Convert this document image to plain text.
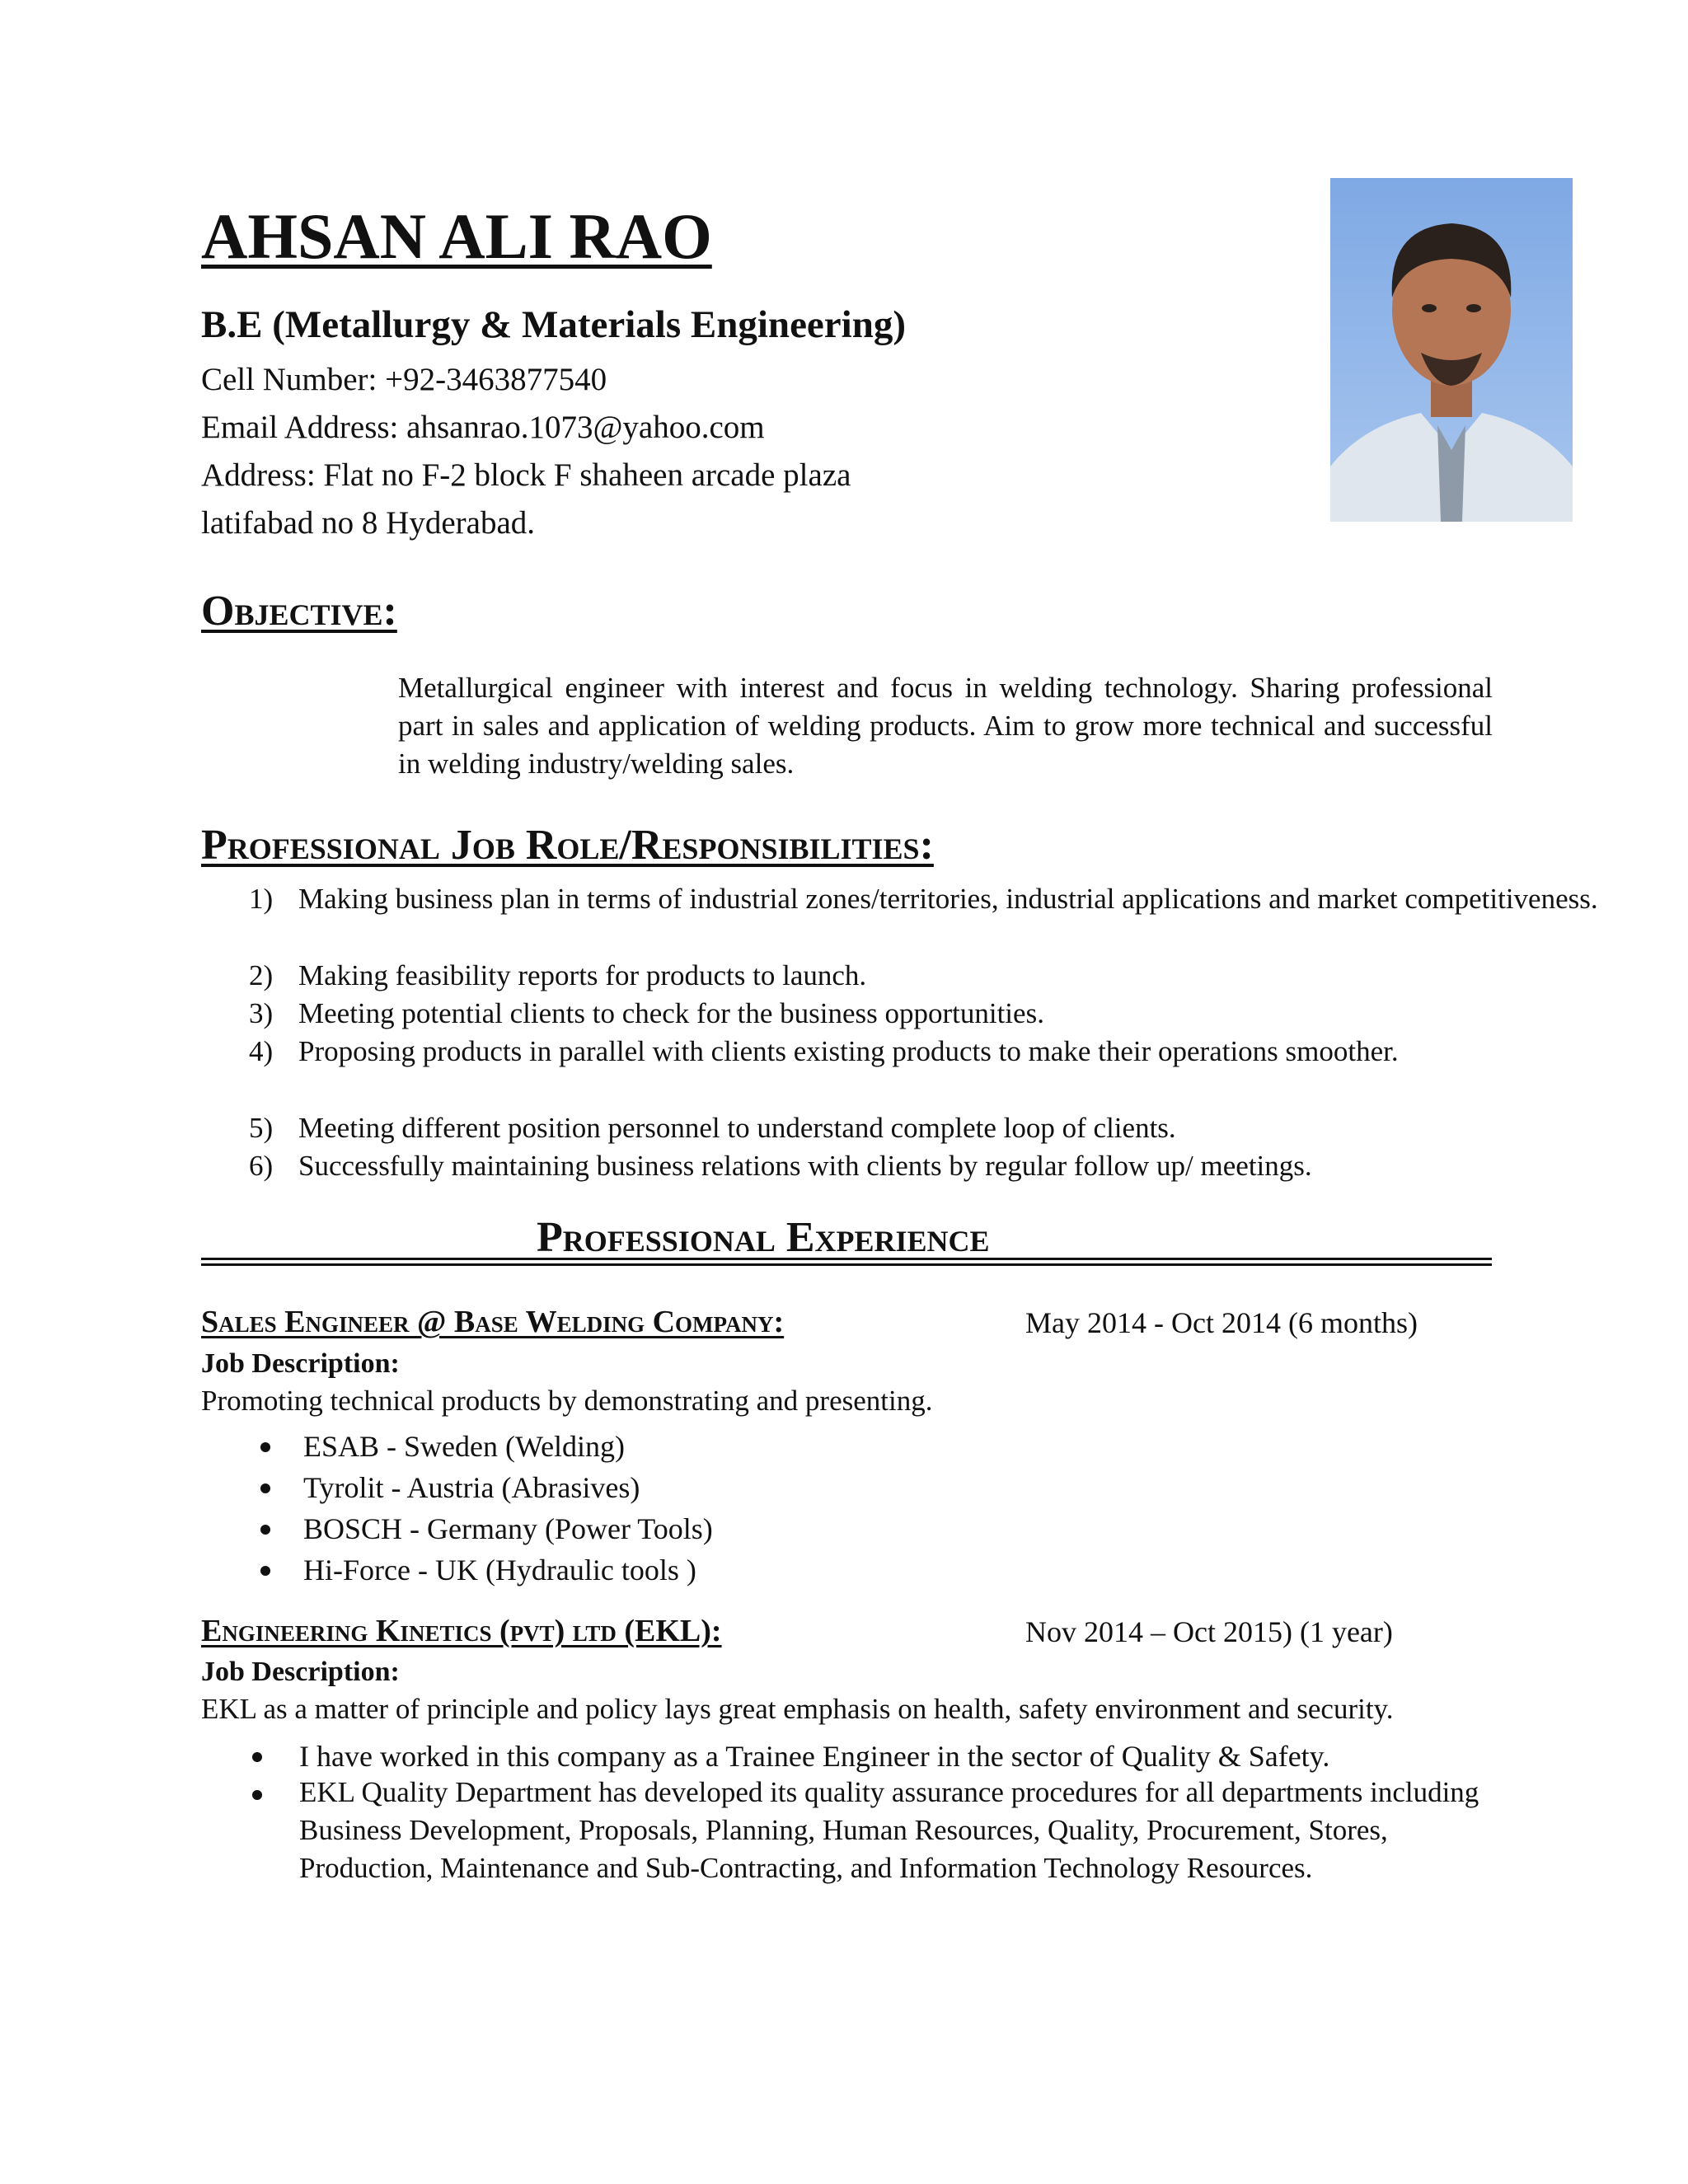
AHSAN ALI RAO
B.E (Metallurgy & Materials Engineering)
Cell Number: +92-3463877540
Email Address: ahsanrao.1073@yahoo.com
Address: Flat no F-2 block F shaheen arcade plaza
latifabad no 8 Hyderabad.
Objective:
Metallurgical engineer with interest and focus in welding technology. Sharing professional part in sales and application of welding products. Aim to grow more technical and successful in welding industry/welding sales.
Professional Job Role/Responsibilities:
1) Making business plan in terms of industrial zones/territories, industrial applications and market competitiveness.
2) Making feasibility reports for products to launch.
3) Meeting potential clients to check for the business opportunities.
4) Proposing products in parallel with clients existing products to make their operations smoother.
5) Meeting different position personnel to understand complete loop of clients.
6) Successfully maintaining business relations with clients by regular follow up/ meetings.
Professional Experience
Sales Engineer @ Base Welding Company:	May 2014 - Oct 2014 (6 months)
Job Description:
Promoting technical products by demonstrating and presenting.
ESAB - Sweden (Welding)
Tyrolit - Austria (Abrasives)
BOSCH - Germany (Power Tools)
Hi-Force - UK (Hydraulic tools )
Engineering Kinetics (pvt) ltd (EKL):	Nov 2014 – Oct 2015) (1 year)
Job Description:
EKL as a matter of principle and policy lays great emphasis on health, safety environment and security.
I have worked in this company as a Trainee Engineer in the sector of Quality & Safety.
EKL Quality Department has developed its quality assurance procedures for all departments including Business Development, Proposals, Planning, Human Resources, Quality, Procurement, Stores, Production, Maintenance and Sub-Contracting, and Information Technology Resources.
